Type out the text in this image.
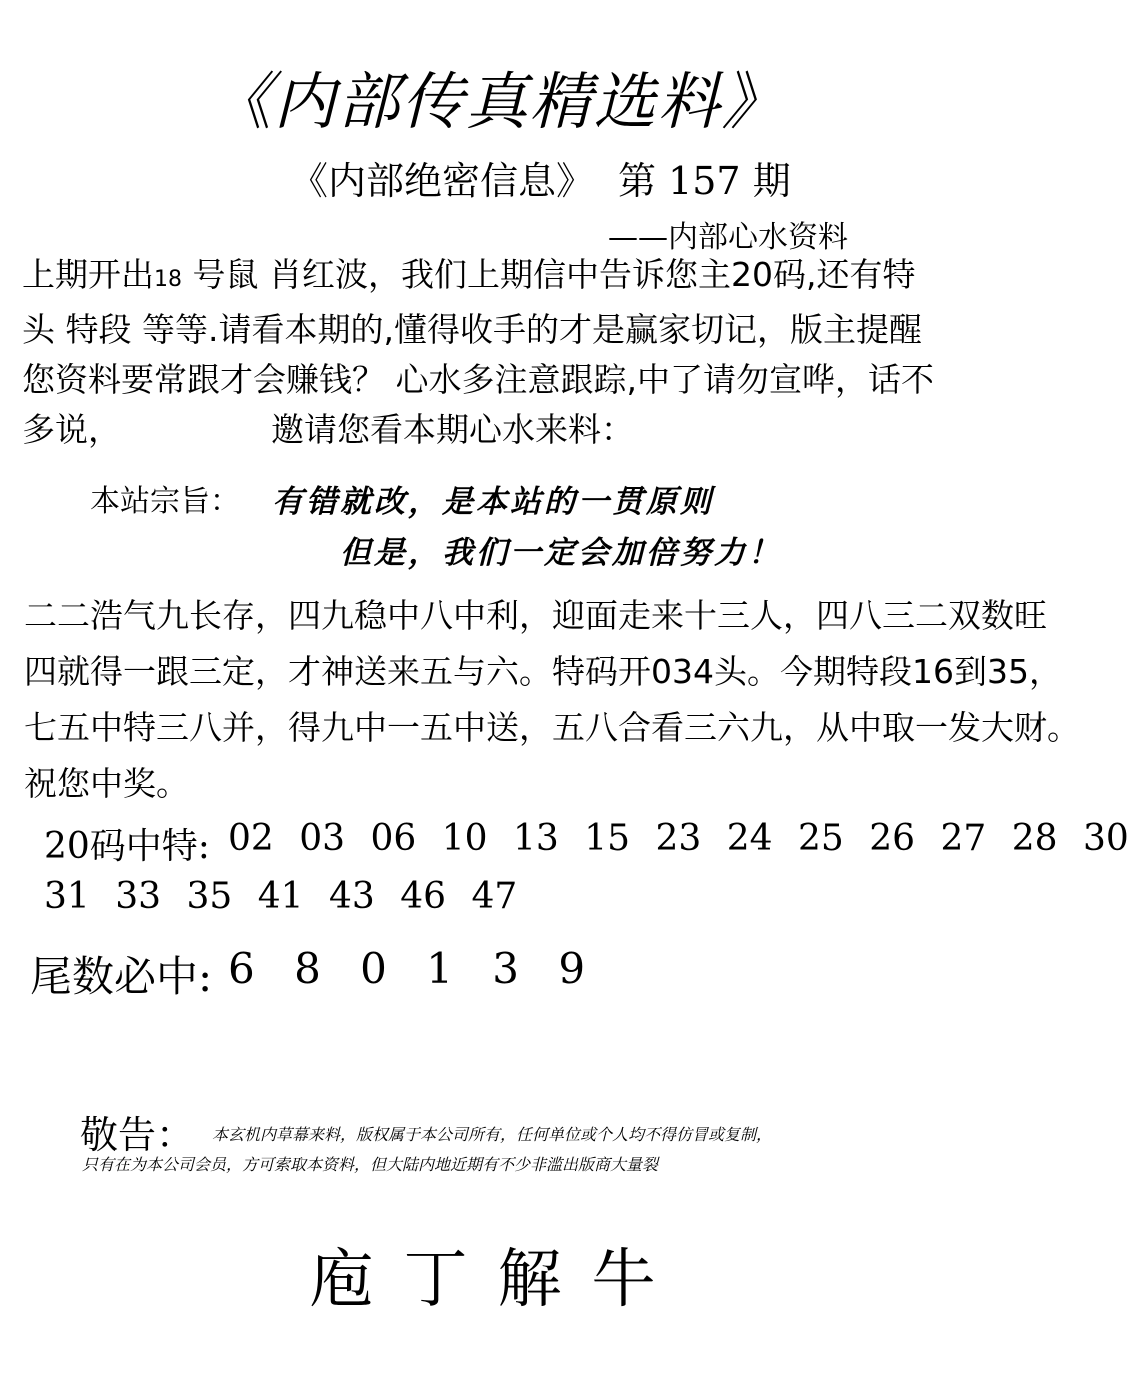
《内部传真精选料》
《内部绝密信息》 第 157 期
——内部心水资料
上期开出18 号鼠 肖红波，我们上期信中告诉您主20码,还有特
头 特段 等等.请看本期的,懂得收手的才是赢家切记，版主提醒
您资料要常跟才会赚钱？ 心水多注意跟踪,中了请勿宣哗，话不
多说，	邀请您看本期心水来料：
本站宗旨： 有错就改，是本站的一贯原则
但是，我们一定会加倍努力！
二二浩气九长存，四九稳中八中利，迎面走来十三人，四八三二双数旺
四就得一跟三定，才神送来五与六。特码开034头。今期特段16到35，
七五中特三八并，得九中一五中送，五八合看三六九，从中取一发大财。
祝您中奖。
20码中特: 02 03 06 10 13 15 23 24 25 26 27 28 30
31 33 35 41 43 46 47
尾数必中: 6 8 0 1 3 9
敬告： 本玄机内草幕来料，版权属于本公司所有，任何单位或个人均不得仿冒或复制，
只有在为本公司会员，方可索取本资料，但大陆内地近期有不少非滥出版商大量裂
庖丁解牛
